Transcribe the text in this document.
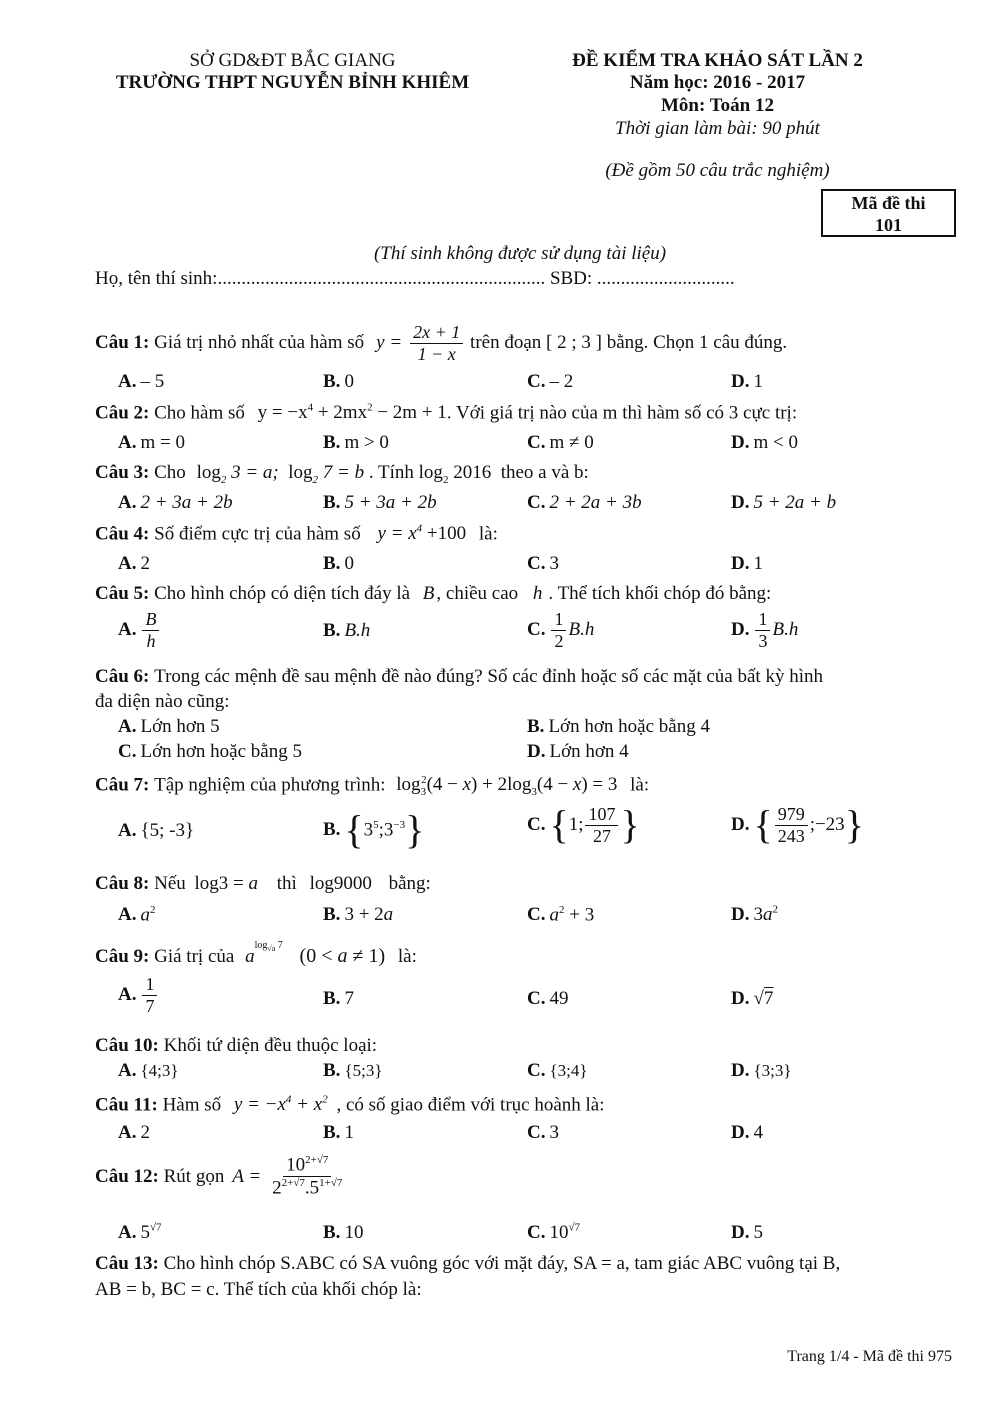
SỞ GD&ĐT BẮC GIANG
TRƯỜNG THPT NGUYỄN BỈNH KHIÊM
ĐỀ KIỂM TRA KHẢO SÁT LẦN 2
Năm học: 2016 - 2017
Môn: Toán 12
Thời gian làm bài: 90 phút
(Đề gồm 50 câu trắc nghiệm)
Mã đề thi
101
(Thí sinh không được sử dụng tài liệu)
Họ, tên thí sinh:..................................................................... SBD: .............................
Câu 1:
Giá trị nhỏ nhất của hàm số $y = \frac{2x + 1}{1 - x}$
trên đoạn [ 2 ; 3 ] bằng. Chọn 1 câu đúng.
A. – 5	B. 0	C. – 2	D. 1
Câu 2: Cho hàm số $y = -x^4 + 2mx^2 - 2m + 1$. Với giá trị nào của m thì hàm số có 3 cực trị:
A. m = 0	B. m > 0	C. m ≠ 0	D. m < 0
Câu 3: Cho $\log_2 3 = a$;  $\log_2 7 = b$ . Tính $\log_2 2016$ theo a và b:
A. 2 + 3a + 2b	B. 5 + 3a + 2b	C. 2 + 2a + 3b	D. 5 + 2a + b
Câu 4: Số điểm cực trị của hàm số $y = x^4 +100$ là:
A. 2	B. 0	C. 3	D. 1
Câu 5: Cho hình chóp có diện tích đáy là B , chiều cao h . Thể tích khối chóp đó bằng:
A. $\frac{B}{h}$	B. B.h	C. $\frac{1}{2} B.h$	D. $\frac{1}{3} B.h$
Câu 6: Trong các mệnh đề sau mệnh đề nào đúng? Số các đỉnh hoặc số các mặt của bất kỳ hình
đa diện nào cũng:
A. Lớn hơn 5	B. Lớn hơn hoặc bằng 4
C. Lớn hơn hoặc bằng 5	D. Lớn hơn 4
Câu 7: Tập nghiệm của phương trình: $\log_3^2(4 - x) + 2\log_3(4 - x) = 3$ là:
A. {5; -3}	B. { $3^5;3^{-3}$ }	C. { 1; $\frac{107}{27}$ }	D. { $\frac{979}{243}$ ;−23 }
Câu 8: Nếu log3 = a thì log9000 bằng:
A. $a^2$	B. 3 + 2a	C. $a^2 + 3$	D. $3a^2$
Câu 9: Giá trị của $a^{log_{√a} 7}$ (0 < a ≠ 1) là:
A. $\frac{1}{7}$	B. 7	C. 49	D. √7
Câu 10: Khối tứ diện đều thuộc loại:
A. {4;3}	B. {5;3}	C. {3;4}	D. {3;3}
Câu 11: Hàm số $y = -x^4 + x^2$ , có số giao điểm với trục hoành là:
A. 2	B. 1	C. 3	D. 4
Câu 12:
Rút gọn $A = \frac{10^{2+√7}}{2^{2+√7}.5^{1+√7}}$
A. $5^{√7}$	B. 10	C. $10^{√7}$	D. 5
Câu 13: Cho hình chóp S.ABC có SA vuông góc với mặt đáy, SA = a, tam giác ABC vuông tại B,
AB = b, BC = c. Thể tích của khối chóp là:
Trang 1/4 - Mã đề thi 975
